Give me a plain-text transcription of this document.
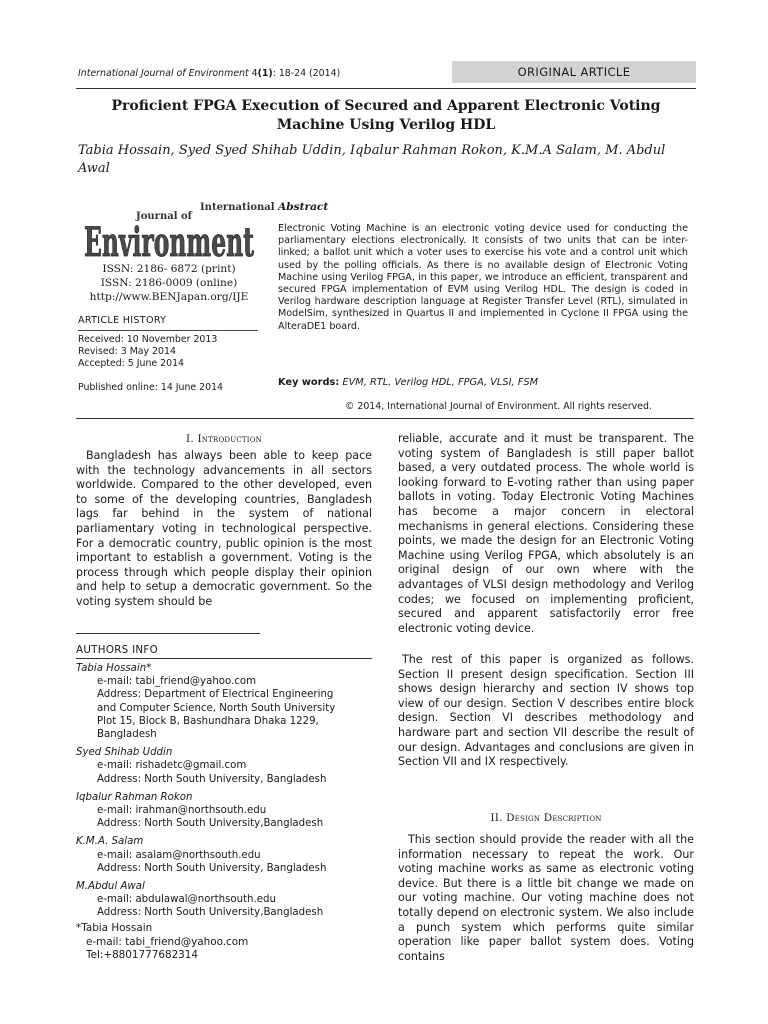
International Journal of Environment 4(1): 18-24 (2014)	ORIGINAL ARTICLE
Proficient FPGA Execution of Secured and Apparent Electronic Voting Machine Using Verilog HDL
Tabia Hossain, Syed Syed Shihab Uddin, Iqbalur Rahman Rokon, K.M.A Salam, M. Abdul Awal
International
Journal of
Environment
ISSN: 2186- 6872 (print)
ISSN: 2186-0009 (online)
http://www.BENJapan.org/IJE
ARTICLE HISTORY
Received: 10 November 2013
Revised: 3 May 2014
Accepted: 5 June 2014
Published online: 14 June 2014
Abstract
Electronic Voting Machine is an electronic voting device used for conducting the parliamentary elections electronically. It consists of two units that can be inter-linked; a ballot unit which a voter uses to exercise his vote and a control unit which used by the polling officials. As there is no available design of Electronic Voting Machine using Verilog FPGA, in this paper, we introduce an efficient, transparent and secured FPGA implementation of EVM using Verilog HDL. The design is coded in Verilog hardware description language at Register Transfer Level (RTL), simulated in ModelSim, synthesized in Quartus II and implemented in Cyclone II FPGA using the AlteraDE1 board.
Key words: EVM, RTL, Verilog HDL, FPGA, VLSI, FSM
© 2014, International Journal of Environment. All rights reserved.
I. Introduction
Bangladesh has always been able to keep pace with the technology advancements in all sectors worldwide. Compared to the other developed, even to some of the developing countries, Bangladesh lags far behind in the system of national parliamentary voting in technological perspective. For a democratic country, public opinion is the most important to establish a government. Voting is the process through which people display their opinion and help to setup a democratic government. So the voting system should be
AUTHORS INFO
Tabia Hossain*
e-mail: tabi_friend@yahoo.com
Address: Department of Electrical Engineering
and Computer Science, North South University
Plot 15, Block B, Bashundhara Dhaka 1229,
Bangladesh
Syed Shihab Uddin
e-mail: rishadetc@gmail.com
Address: North South University, Bangladesh
Iqbalur Rahman Rokon
e-mail: irahman@northsouth.edu
Address: North South University,Bangladesh
K.M.A. Salam
e-mail: asalam@northsouth.edu
Address: North South University, Bangladesh
M.Abdul Awal
e-mail: abdulawal@northsouth.edu
Address: North South University,Bangladesh
*Tabia Hossain
e-mail: tabi_friend@yahoo.com
Tel:+8801777682314
reliable, accurate and it must be transparent. The voting system of Bangladesh is still paper ballot based, a very outdated process. The whole world is looking forward to E-voting rather than using paper ballots in voting. Today Electronic Voting Machines has become a major concern in electoral mechanisms in general elections. Considering these points, we made the design for an Electronic Voting Machine using Verilog FPGA, which absolutely is an original design of our own where with the advantages of VLSI design methodology and Verilog codes; we focused on implementing proficient, secured and apparent satisfactorily error free electronic voting device.
The rest of this paper is organized as follows. Section II present design specification. Section III shows design hierarchy and section IV shows top view of our design. Section V describes entire block design. Section VI describes methodology and hardware part and section VII describe the result of our design. Advantages and conclusions are given in Section VII and IX respectively.
II. Design Description
This section should provide the reader with all the information necessary to repeat the work. Our voting machine works as same as electronic voting device. But there is a little bit change we made on our voting machine. Our voting machine does not totally depend on electronic system. We also include a punch system which performs quite similar operation like paper ballot system does. Voting contains
